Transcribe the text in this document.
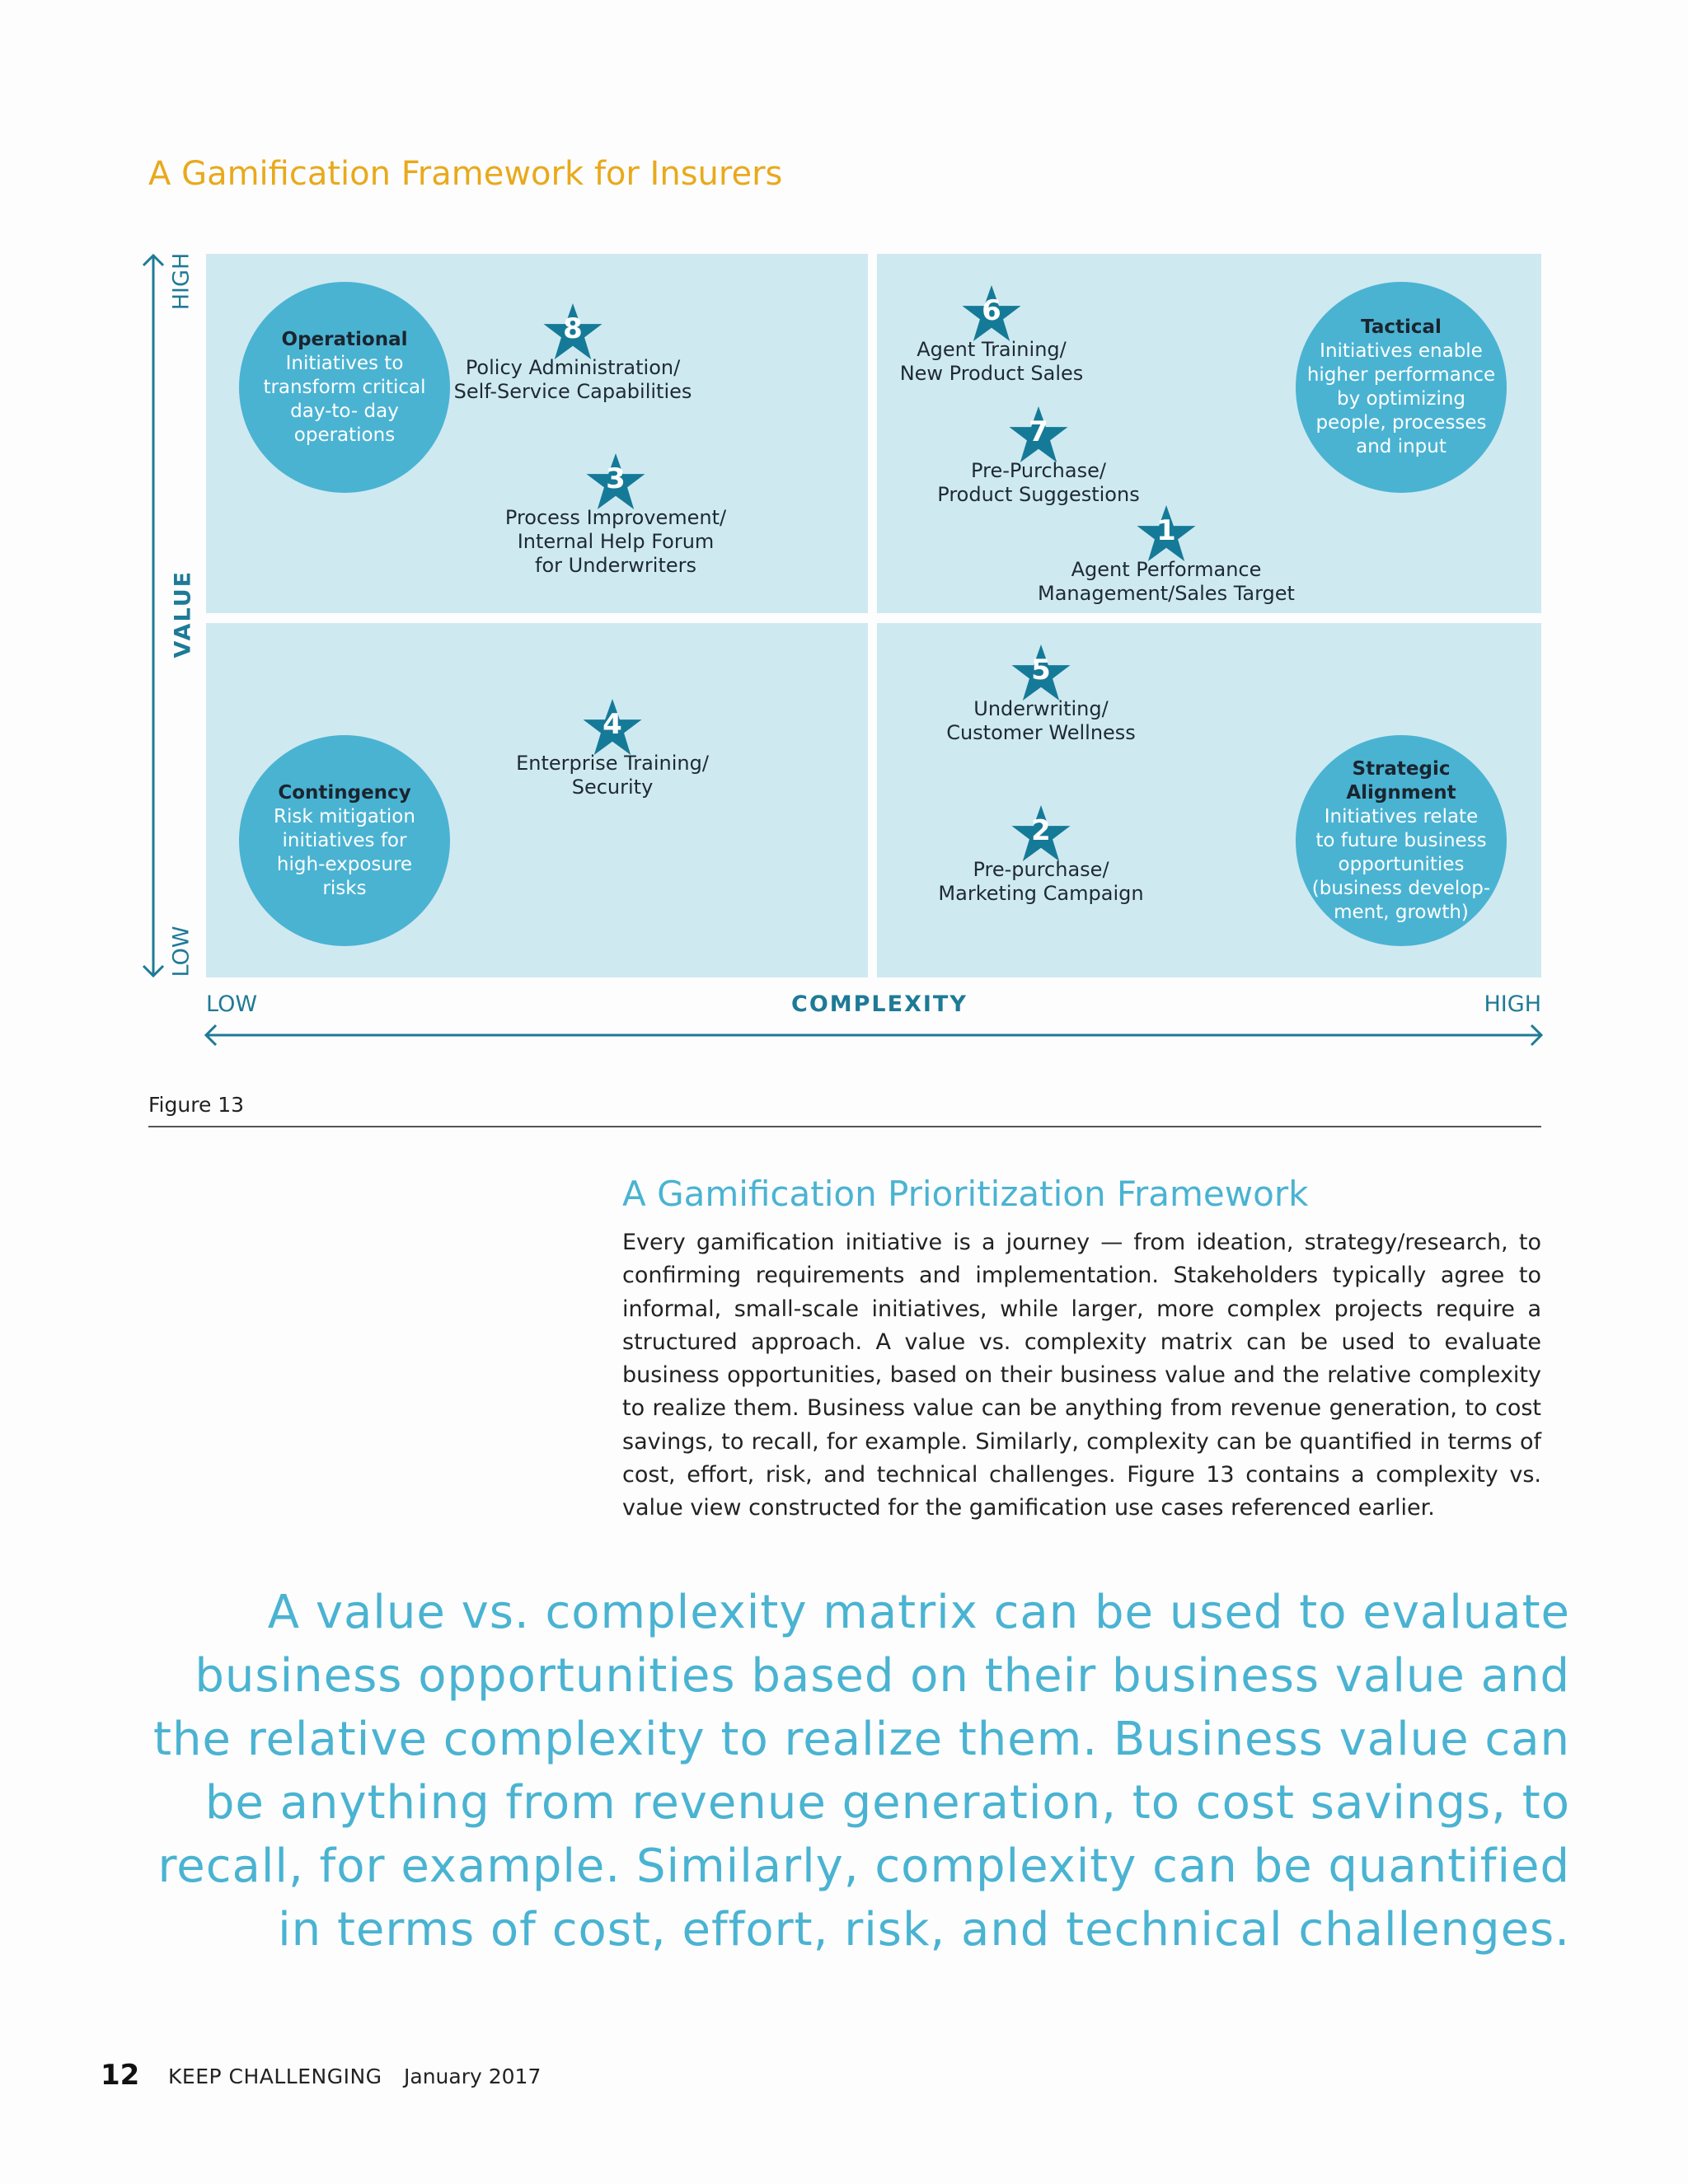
A Gamification Framework for Insurers
HIGH
VALUE
LOW
Operational
Initiatives to
transform critical
day-to- day
operations
Tactical
Initiatives enable
higher performance
by optimizing
people, processes
and input
Contingency
Risk mitigation
initiatives for
high-exposure
risks
Strategic
Alignment
Initiatives relate
to future business
opportunities
(business develop-
ment, growth)
8
Policy Administration/
Self-Service Capabilities
3
Process Improvement/
Internal Help Forum
for Underwriters
6
Agent Training/
New Product Sales
7
Pre-Purchase/
Product Suggestions
1
Agent Performance
Management/Sales Target
5
Underwriting/
Customer Wellness
4
Enterprise Training/
Security
2
Pre-purchase/
Marketing Campaign
LOW	COMPLEXITY	HIGH
Figure 13
A Gamification Prioritization Framework
Every gamification initiative is a journey — from ideation, strategy/research, to confirming requirements and implementation. Stakeholders typically agree to informal, small-scale initiatives, while larger, more complex projects require a structured approach. A value vs. complexity matrix can be used to evaluate business opportunities, based on their business value and the relative complexity to realize them. Business value can be anything from revenue generation, to cost savings, to recall, for example. Similarly, complexity can be quantified in terms of cost, effort, risk, and technical challenges. Figure 13 contains a complexity vs. value view constructed for the gamification use cases referenced earlier.
A value vs. complexity matrix can be used to evaluate business opportunities based on their business value and the relative complexity to realize them. Business value can be anything from revenue generation, to cost savings, to recall, for example. Similarly, complexity can be quantified in terms of cost, effort, risk, and technical challenges.
12 KEEP CHALLENGING January 2017
